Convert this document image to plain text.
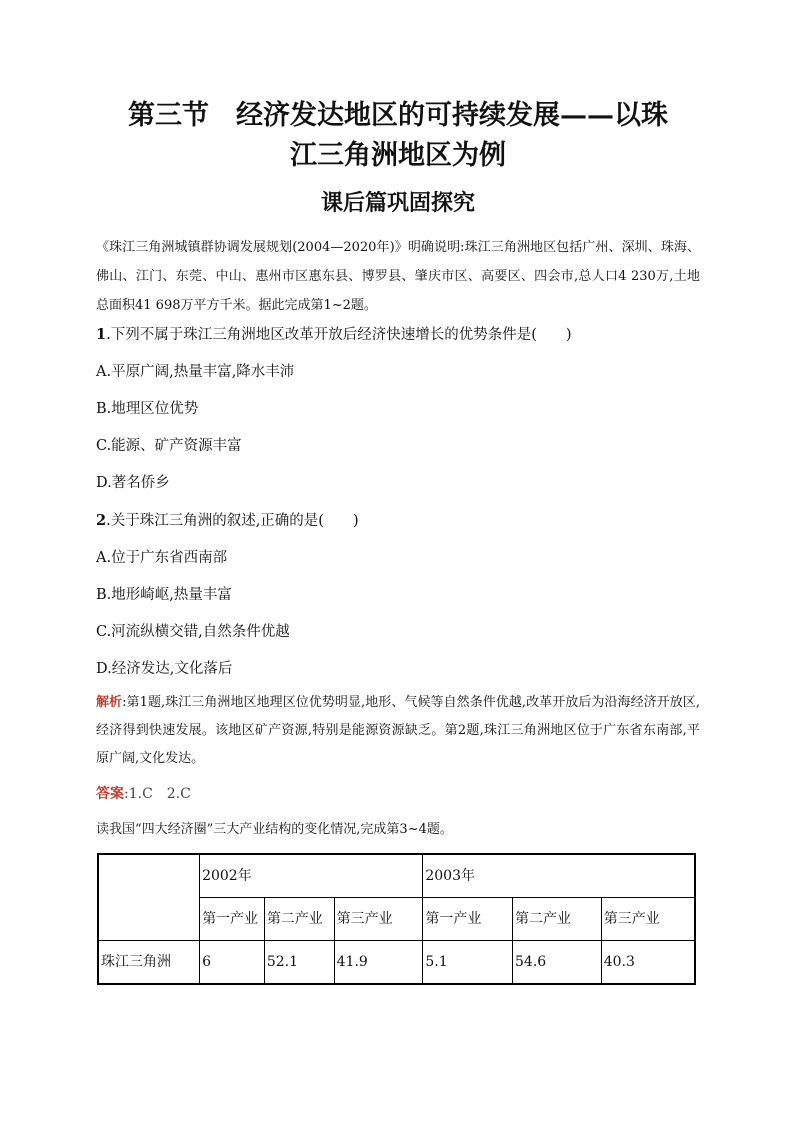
第三节　经济发达地区的可持续发展——以珠
江三角洲地区为例
课后篇巩固探究
《珠江三角洲城镇群协调发展规划(2004—2020年)》明确说明:珠江三角洲地区包括广州、深圳、珠海、佛山、江门、东莞、中山、惠州市区惠东县、博罗县、肇庆市区、高要区、四会市,总人口4 230万,土地总面积41 698万平方千米。据此完成第1~2题。
1.下列不属于珠江三角洲地区改革开放后经济快速增长的优势条件是(　　)
A.平原广阔,热量丰富,降水丰沛
B.地理区位优势
C.能源、矿产资源丰富
D.著名侨乡
2.关于珠江三角洲的叙述,正确的是(　　)
A.位于广东省西南部
B.地形崎岖,热量丰富
C.河流纵横交错,自然条件优越
D.经济发达,文化落后
解析:第1题,珠江三角洲地区地理区位优势明显,地形、气候等自然条件优越,改革开放后为沿海经济开放区,经济得到快速发展。该地区矿产资源,特别是能源资源缺乏。第2题,珠江三角洲地区位于广东省东南部,平原广阔,文化发达。
答案:1.C　2.C
读我国“四大经济圈”三大产业结构的变化情况,完成第3~4题。
	2002年			2003年		
	第一产业	第二产业	第三产业	第一产业	第二产业	第三产业
珠江三角洲	6	52.1	41.9	5.1	54.6	40.3
